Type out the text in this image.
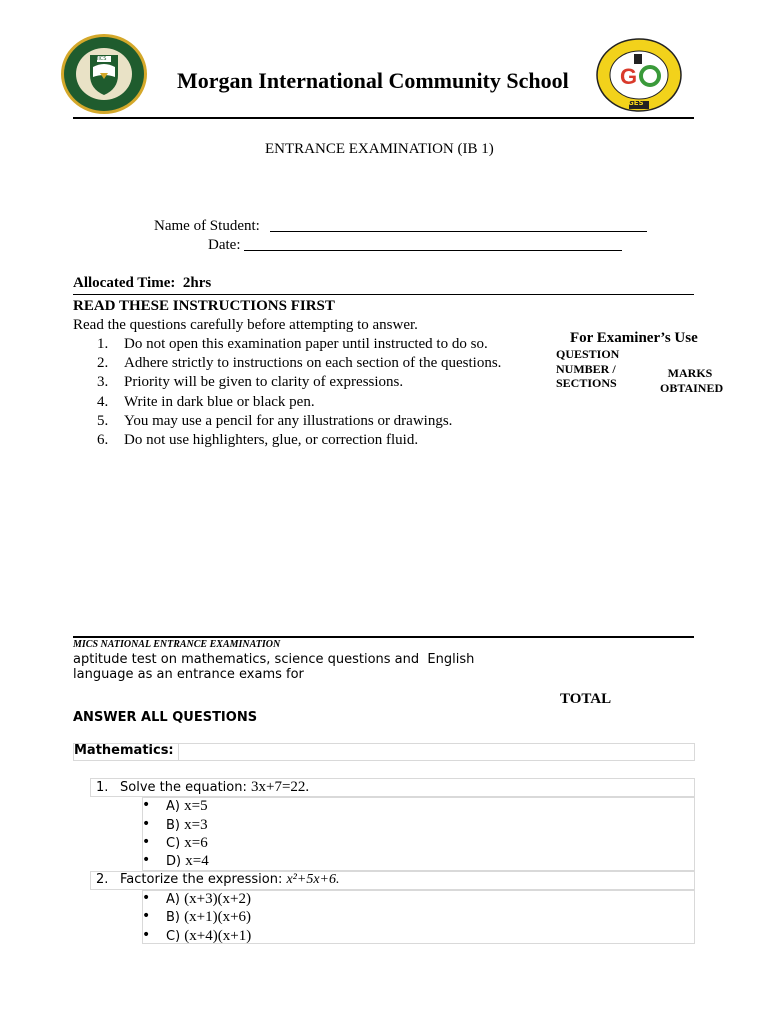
MICS
Morgan International Community School G
GES
ENTRANCE EXAMINATION (IB 1)
Name of Student:
Date:
Allocated Time:  2hrs
READ THESE INSTRUCTIONS FIRST
Read the questions carefully before attempting to answer.
1. Do not open this examination paper until instructed to do so.
2. Adhere strictly to instructions on each section of the questions.
3. Priority will be given to clarity of expressions.
4. Write in dark blue or black pen.
5. You may use a pencil for any illustrations or drawings.
6. Do not use highlighters, glue, or correction fluid.
For Examiner’s Use
QUESTION
NUMBER /
SECTIONS
MARKS
OBTAINED
TOTAL
MICS NATIONAL ENTRANCE EXAMINATION
aptitude test on mathematics, science questions and  English
language as an entrance exams for
ANSWER ALL QUESTIONS
Mathematics:
1. Solve the equation: 3x+7=22.
• A) x=5
• B) x=3
• C) x=6
• D) x=4
2. Factorize the expression: x²+5x+6.
• A) (x+3)(x+2)
• B) (x+1)(x+6)
• C) (x+4)(x+1)
